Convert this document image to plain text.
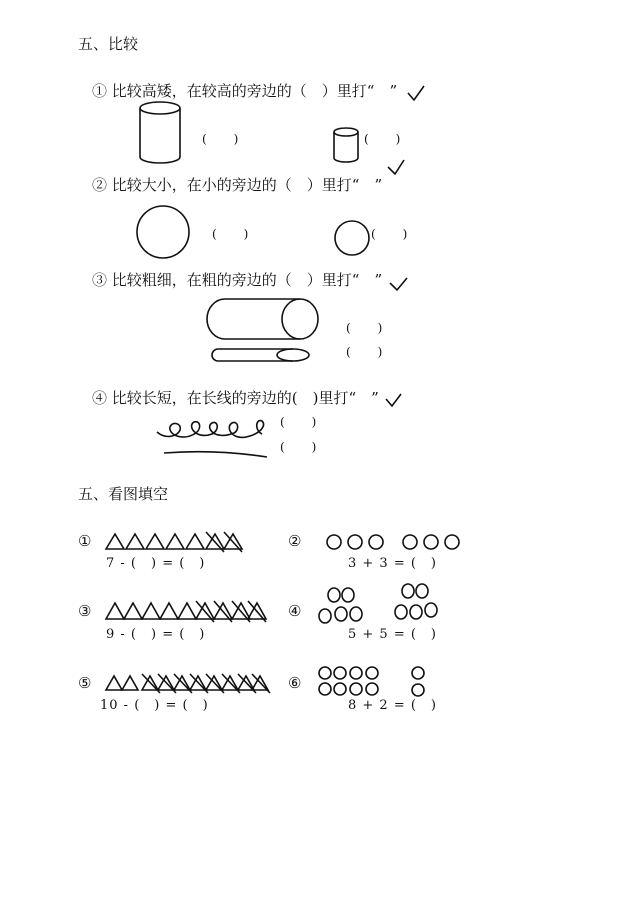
五、比较
① 比较高矮，在较高的旁边的（　）里打“　”
(　　)	(　　)
② 比较大小，在小的旁边的（　）里打“　”
(　　)	(　　)
③ 比较粗细，在粗的旁边的（　）里打“　”
(　　)
(　　)
④ 比较长短，在长线的旁边的(　)里打“　”
(　　)
(　　)
五、看图填空
①
7 - (　) = (　)
②
3 + 3 = (　)
③
9 - (　) = (　)
④
5 + 5 = (　)
⑤
10 - (　) = (　)
⑥
8 + 2 = (　)
